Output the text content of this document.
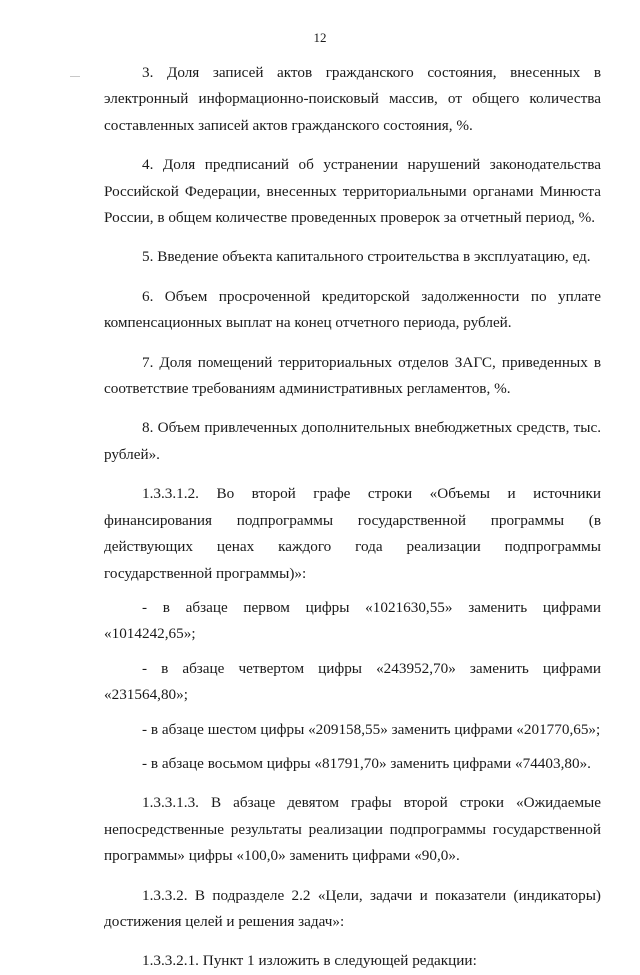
12

3. Доля записей актов гражданского состояния, внесенных в электронный информационно-поисковый массив, от общего количества составленных записей актов гражданского состояния, %.

4. Доля предписаний об устранении нарушений законодательства Российской Федерации, внесенных территориальными органами Минюста России, в общем количестве проведенных проверок за отчетный период, %.

5. Введение объекта капитального строительства в эксплуатацию, ед.

6. Объем просроченной кредиторской задолженности по уплате компенсационных выплат на конец отчетного периода, рублей.

7. Доля помещений территориальных отделов ЗАГС, приведенных в соответствие требованиям административных регламентов, %.

8. Объем привлеченных дополнительных внебюджетных средств, тыс. рублей».

1.3.3.1.2. Во второй графе строки «Объемы и источники финансирования подпрограммы государственной программы (в действующих ценах каждого года реализации подпрограммы государственной программы)»:

- в абзаце первом цифры «1021630,55» заменить цифрами «1014242,65»;

- в абзаце четвертом цифры «243952,70» заменить цифрами «231564,80»;

- в абзаце шестом цифры «209158,55» заменить цифрами «201770,65»;

- в абзаце восьмом цифры «81791,70» заменить цифрами «74403,80».

1.3.3.1.3. В абзаце девятом графы второй строки «Ожидаемые непосредственные результаты реализации подпрограммы государственной программы» цифры «100,0» заменить цифрами «90,0».

1.3.3.2. В подразделе 2.2 «Цели, задачи и показатели (индикаторы) достижения целей и решения задач»:

1.3.3.2.1. Пункт 1 изложить в следующей редакции:
